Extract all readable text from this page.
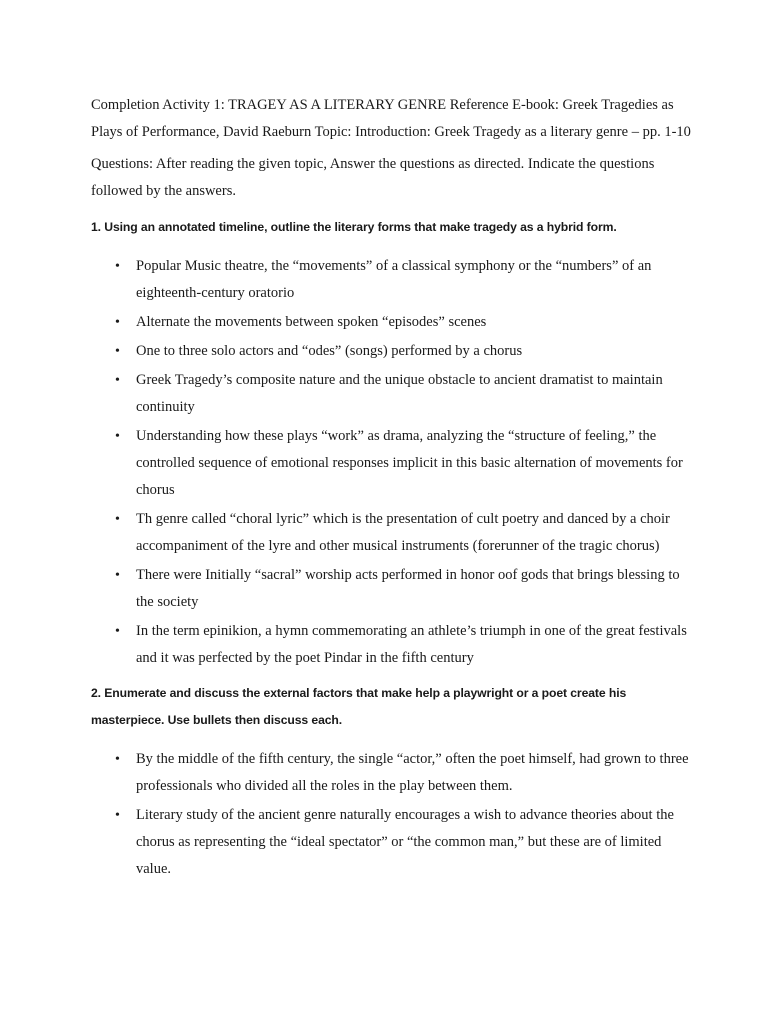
Completion Activity 1: TRAGEY AS A LITERARY GENRE Reference E-book: Greek Tragedies as Plays of Performance, David Raeburn Topic: Introduction: Greek Tragedy as a literary genre – pp. 1-10

Questions: After reading the given topic, Answer the questions as directed. Indicate the questions followed by the answers.

1. Using an annotated timeline, outline the literary forms that make tragedy as a hybrid form.

• Popular Music theatre, the “movements” of a classical symphony or the “numbers” of an eighteenth-century oratorio
• Alternate the movements between spoken “episodes” scenes
• One to three solo actors and “odes” (songs) performed by a chorus
• Greek Tragedy’s composite nature and the unique obstacle to ancient dramatist to maintain continuity
• Understanding how these plays “work” as drama, analyzing the “structure of feeling,” the controlled sequence of emotional responses implicit in this basic alternation of movements for chorus
• Th genre called “choral lyric” which is the presentation of cult poetry and danced by a choir accompaniment of the lyre and other musical instruments (forerunner of the tragic chorus)
• There were Initially “sacral” worship acts performed in honor oof gods that brings blessing to the society
• In the term epinikion, a hymn commemorating an athlete’s triumph in one of the great festivals and it was perfected by the poet Pindar in the fifth century

2. Enumerate and discuss the external factors that make help a playwright or a poet create his masterpiece. Use bullets then discuss each.

• By the middle of the fifth century, the single “actor,” often the poet himself, had grown to three professionals who divided all the roles in the play between them.
• Literary study of the ancient genre naturally encourages a wish to advance theories about the chorus as representing the “ideal spectator” or “the common man,” but these are of limited value.
